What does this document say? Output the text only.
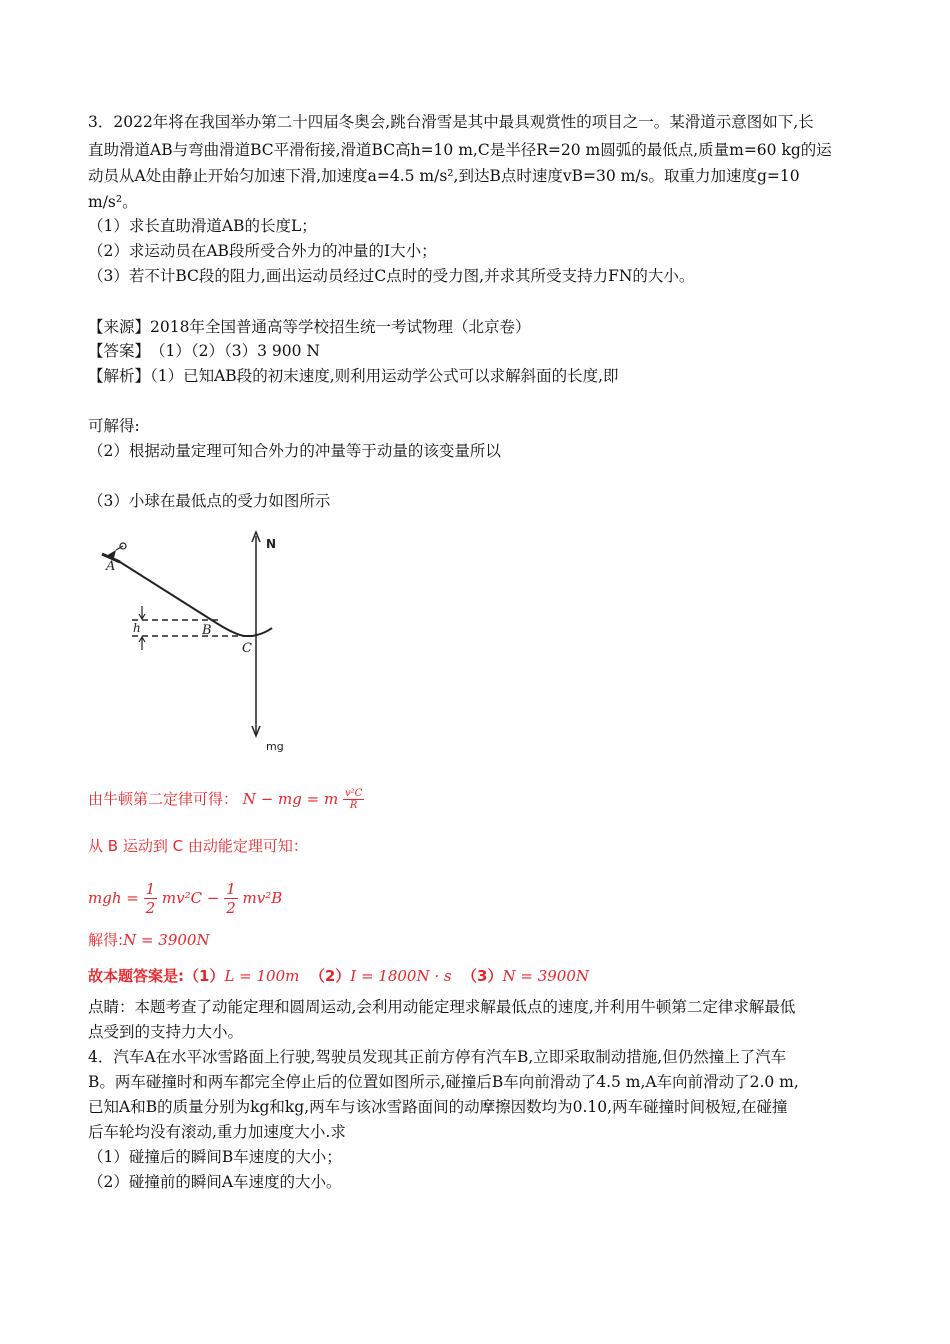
3．2022年将在我国举办第二十四届冬奥会,跳台滑雪是其中最具观赏性的项目之一。某滑道示意图如下,长
直助滑道AB与弯曲滑道BC平滑衔接,滑道BC高h=10 m,C是半径R=20 m圆弧的最低点,质量m=60 kg的运
动员从A处由静止开始匀加速下滑,加速度a=4.5 m/s²,到达B点时速度vB=30 m/s。取重力加速度g=10
m/s²。
（1）求长直助滑道AB的长度L；
（2）求运动员在AB段所受合外力的冲量的I大小；
（3）若不计BC段的阻力,画出运动员经过C点时的受力图,并求其所受支持力FN的大小。
【来源】2018年全国普通高等学校招生统一考试物理（北京卷）
【答案】　（1）（2）（3）3 900 N
【解析】（1）已知AB段的初末速度,则利用运动学公式可以求解斜面的长度,即
可解得:
（2）根据动量定理可知合外力的冲量等于动量的该变量所以
（3）小球在最低点的受力如图所示
A
B
C
h
N
mg
由牛顿第二定律可得： N − mg = m $\frac{\text{v²C}}{R}$
从 B 运动到 C 由动能定理可知：
mgh = $\frac{1}{2} mv^2C - \frac{1}{2} mv^2B$
解得:N = 3900N
故本题答案是:（1）L = 100m （2）I = 1800N · s （3）N = 3900N
点睛：本题考查了动能定理和圆周运动,会利用动能定理求解最低点的速度,并利用牛顿第二定律求解最低
点受到的支持力大小。
4．汽车A在水平冰雪路面上行驶,驾驶员发现其正前方停有汽车B,立即采取制动措施,但仍然撞上了汽车
B。两车碰撞时和两车都完全停止后的位置如图所示,碰撞后B车向前滑动了4.5 m,A车向前滑动了2.0 m,
已知A和B的质量分别为kg和kg,两车与该冰雪路面间的动摩擦因数均为0.10,两车碰撞时间极短,在碰撞
后车轮均没有滚动,重力加速度大小.求
（1）碰撞后的瞬间B车速度的大小；
（2）碰撞前的瞬间A车速度的大小。
